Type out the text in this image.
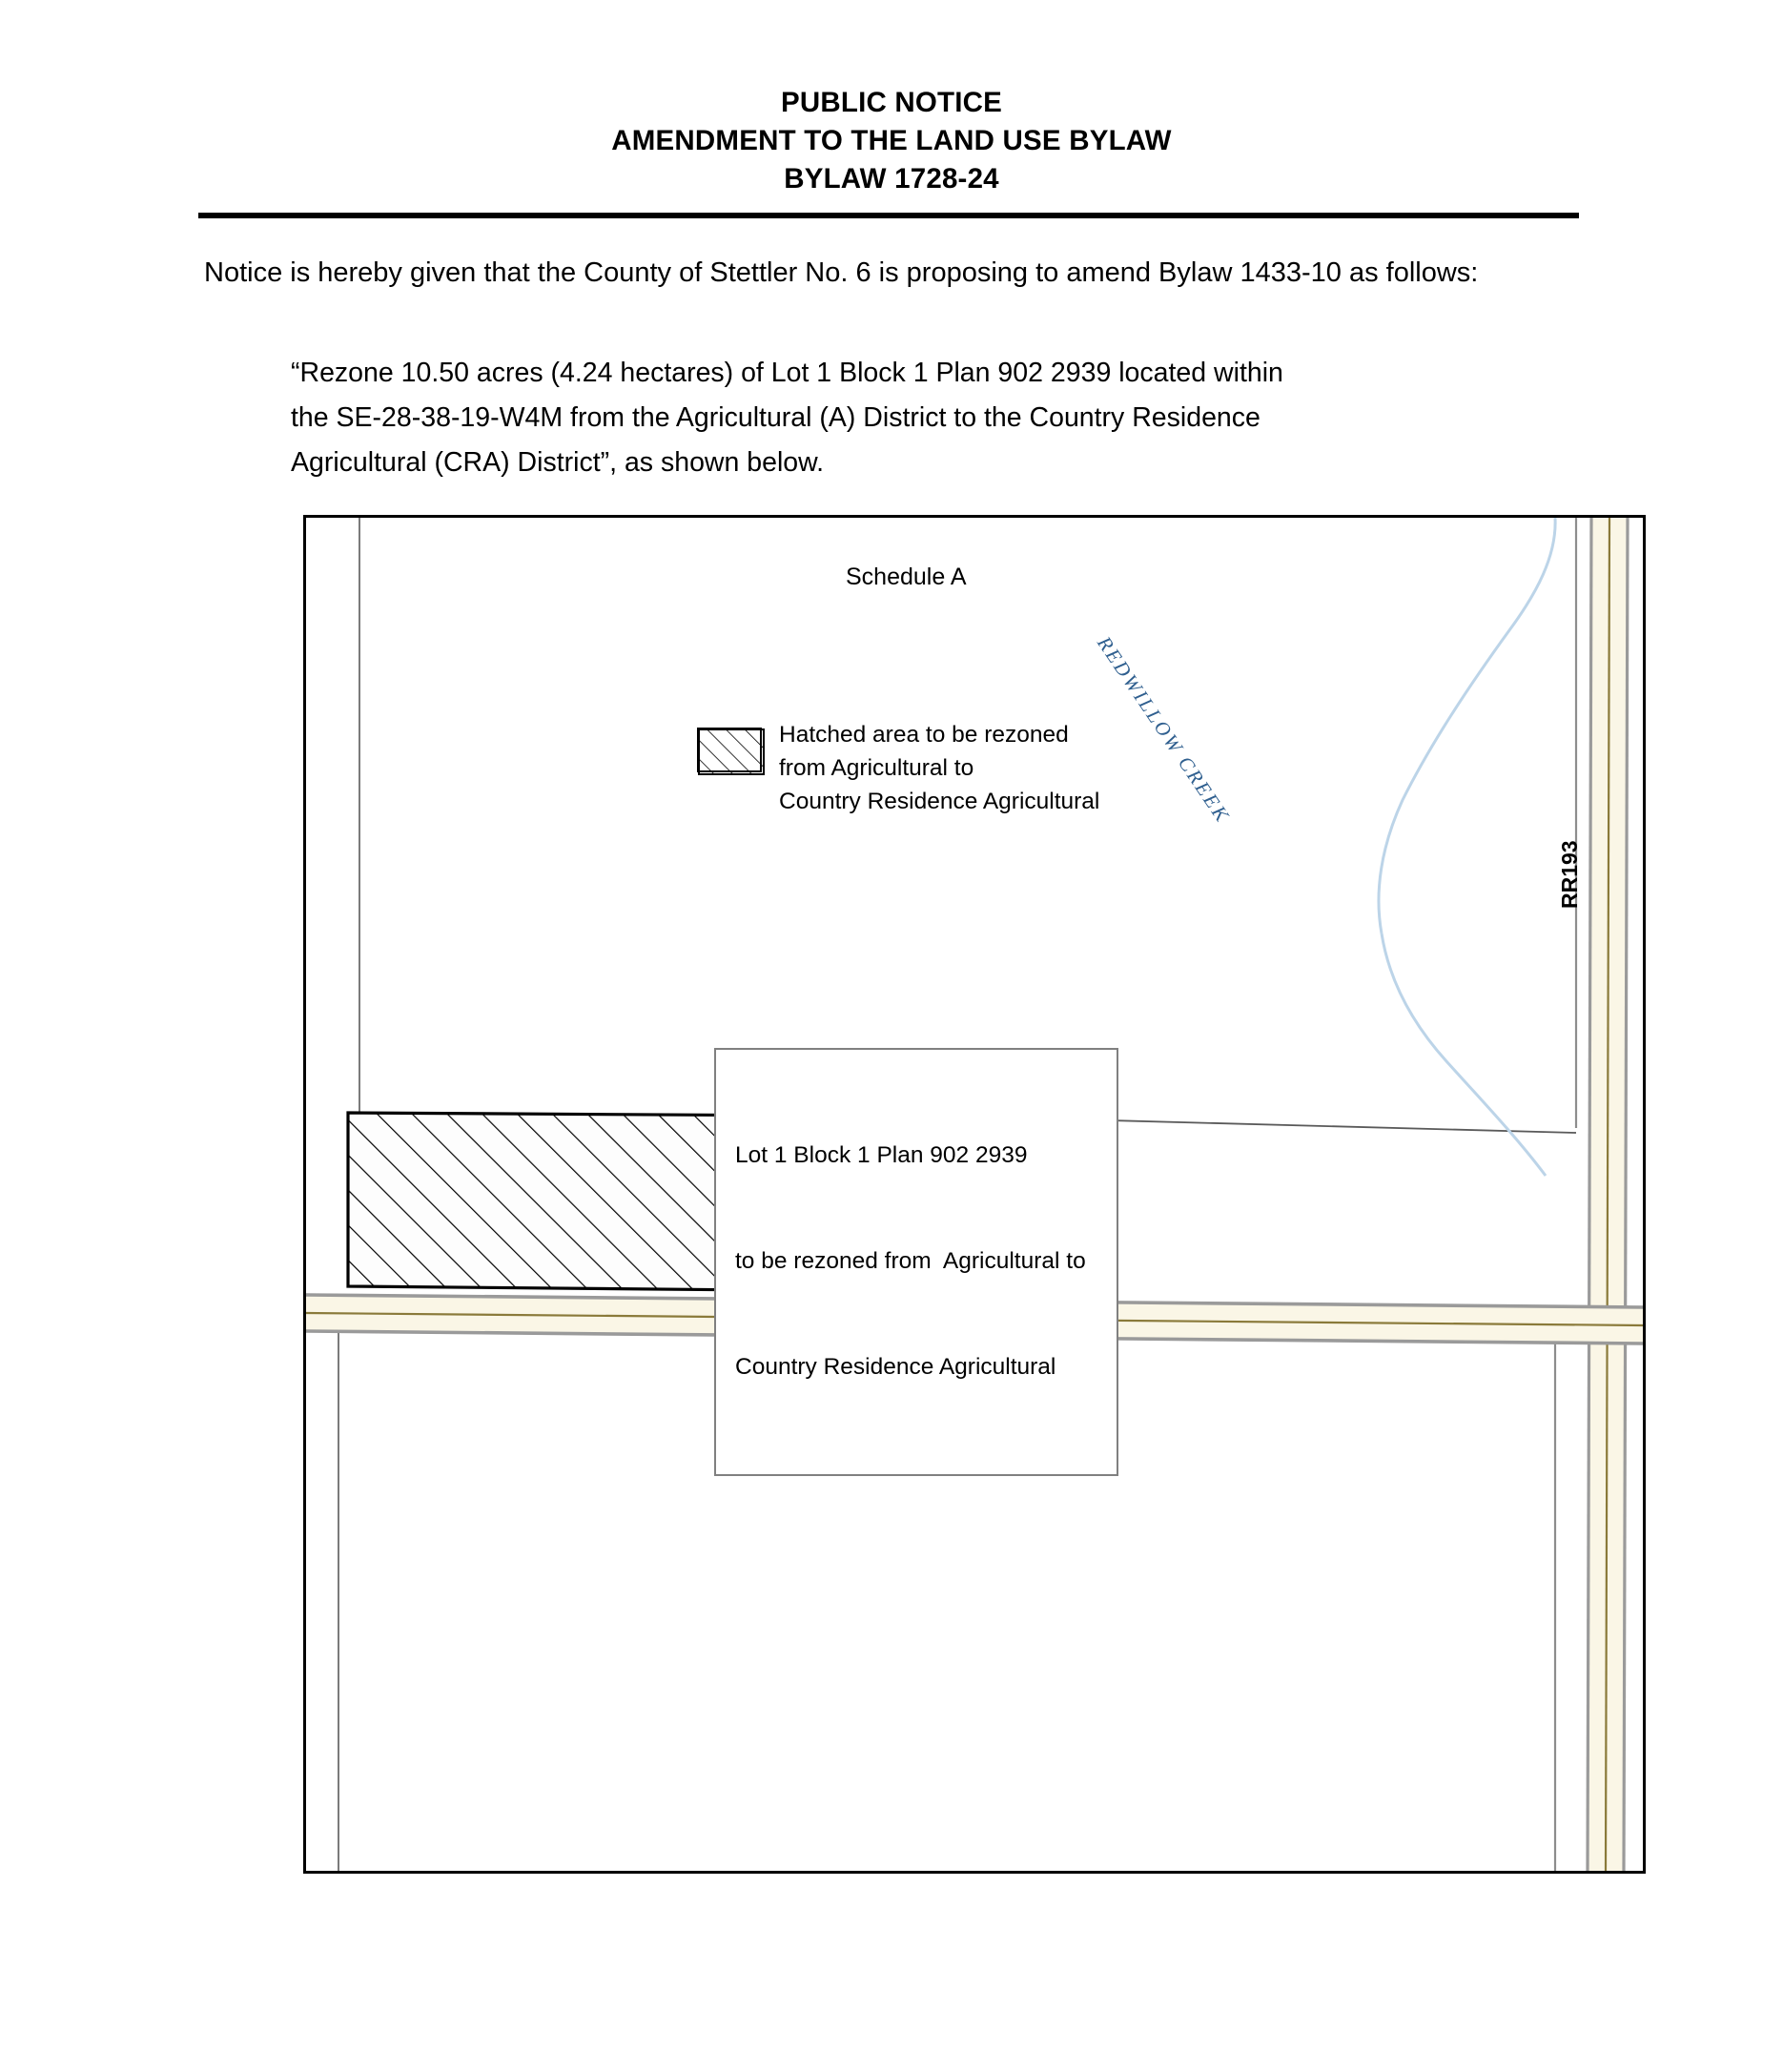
PUBLIC NOTICE
AMENDMENT TO THE LAND USE BYLAW
BYLAW 1728-24

Notice is hereby given that the County of Stettler No. 6 is proposing to amend Bylaw 1433-10 as follows:

“Rezone 10.50 acres (4.24 hectares) of Lot 1 Block 1 Plan 902 2939 located within
the SE-28-38-19-W4M from the Agricultural (A) District to the Country Residence
Agricultural (CRA) District”, as shown below.
Schedule A
REDWILLOW CREEK
RR193
Hatched area to be rezoned
from Agricultural to
Country Residence Agricultural

Lot 1 Block 1 Plan 902 2939

to be rezoned from  Agricultural to

Country Residence Agricultural
